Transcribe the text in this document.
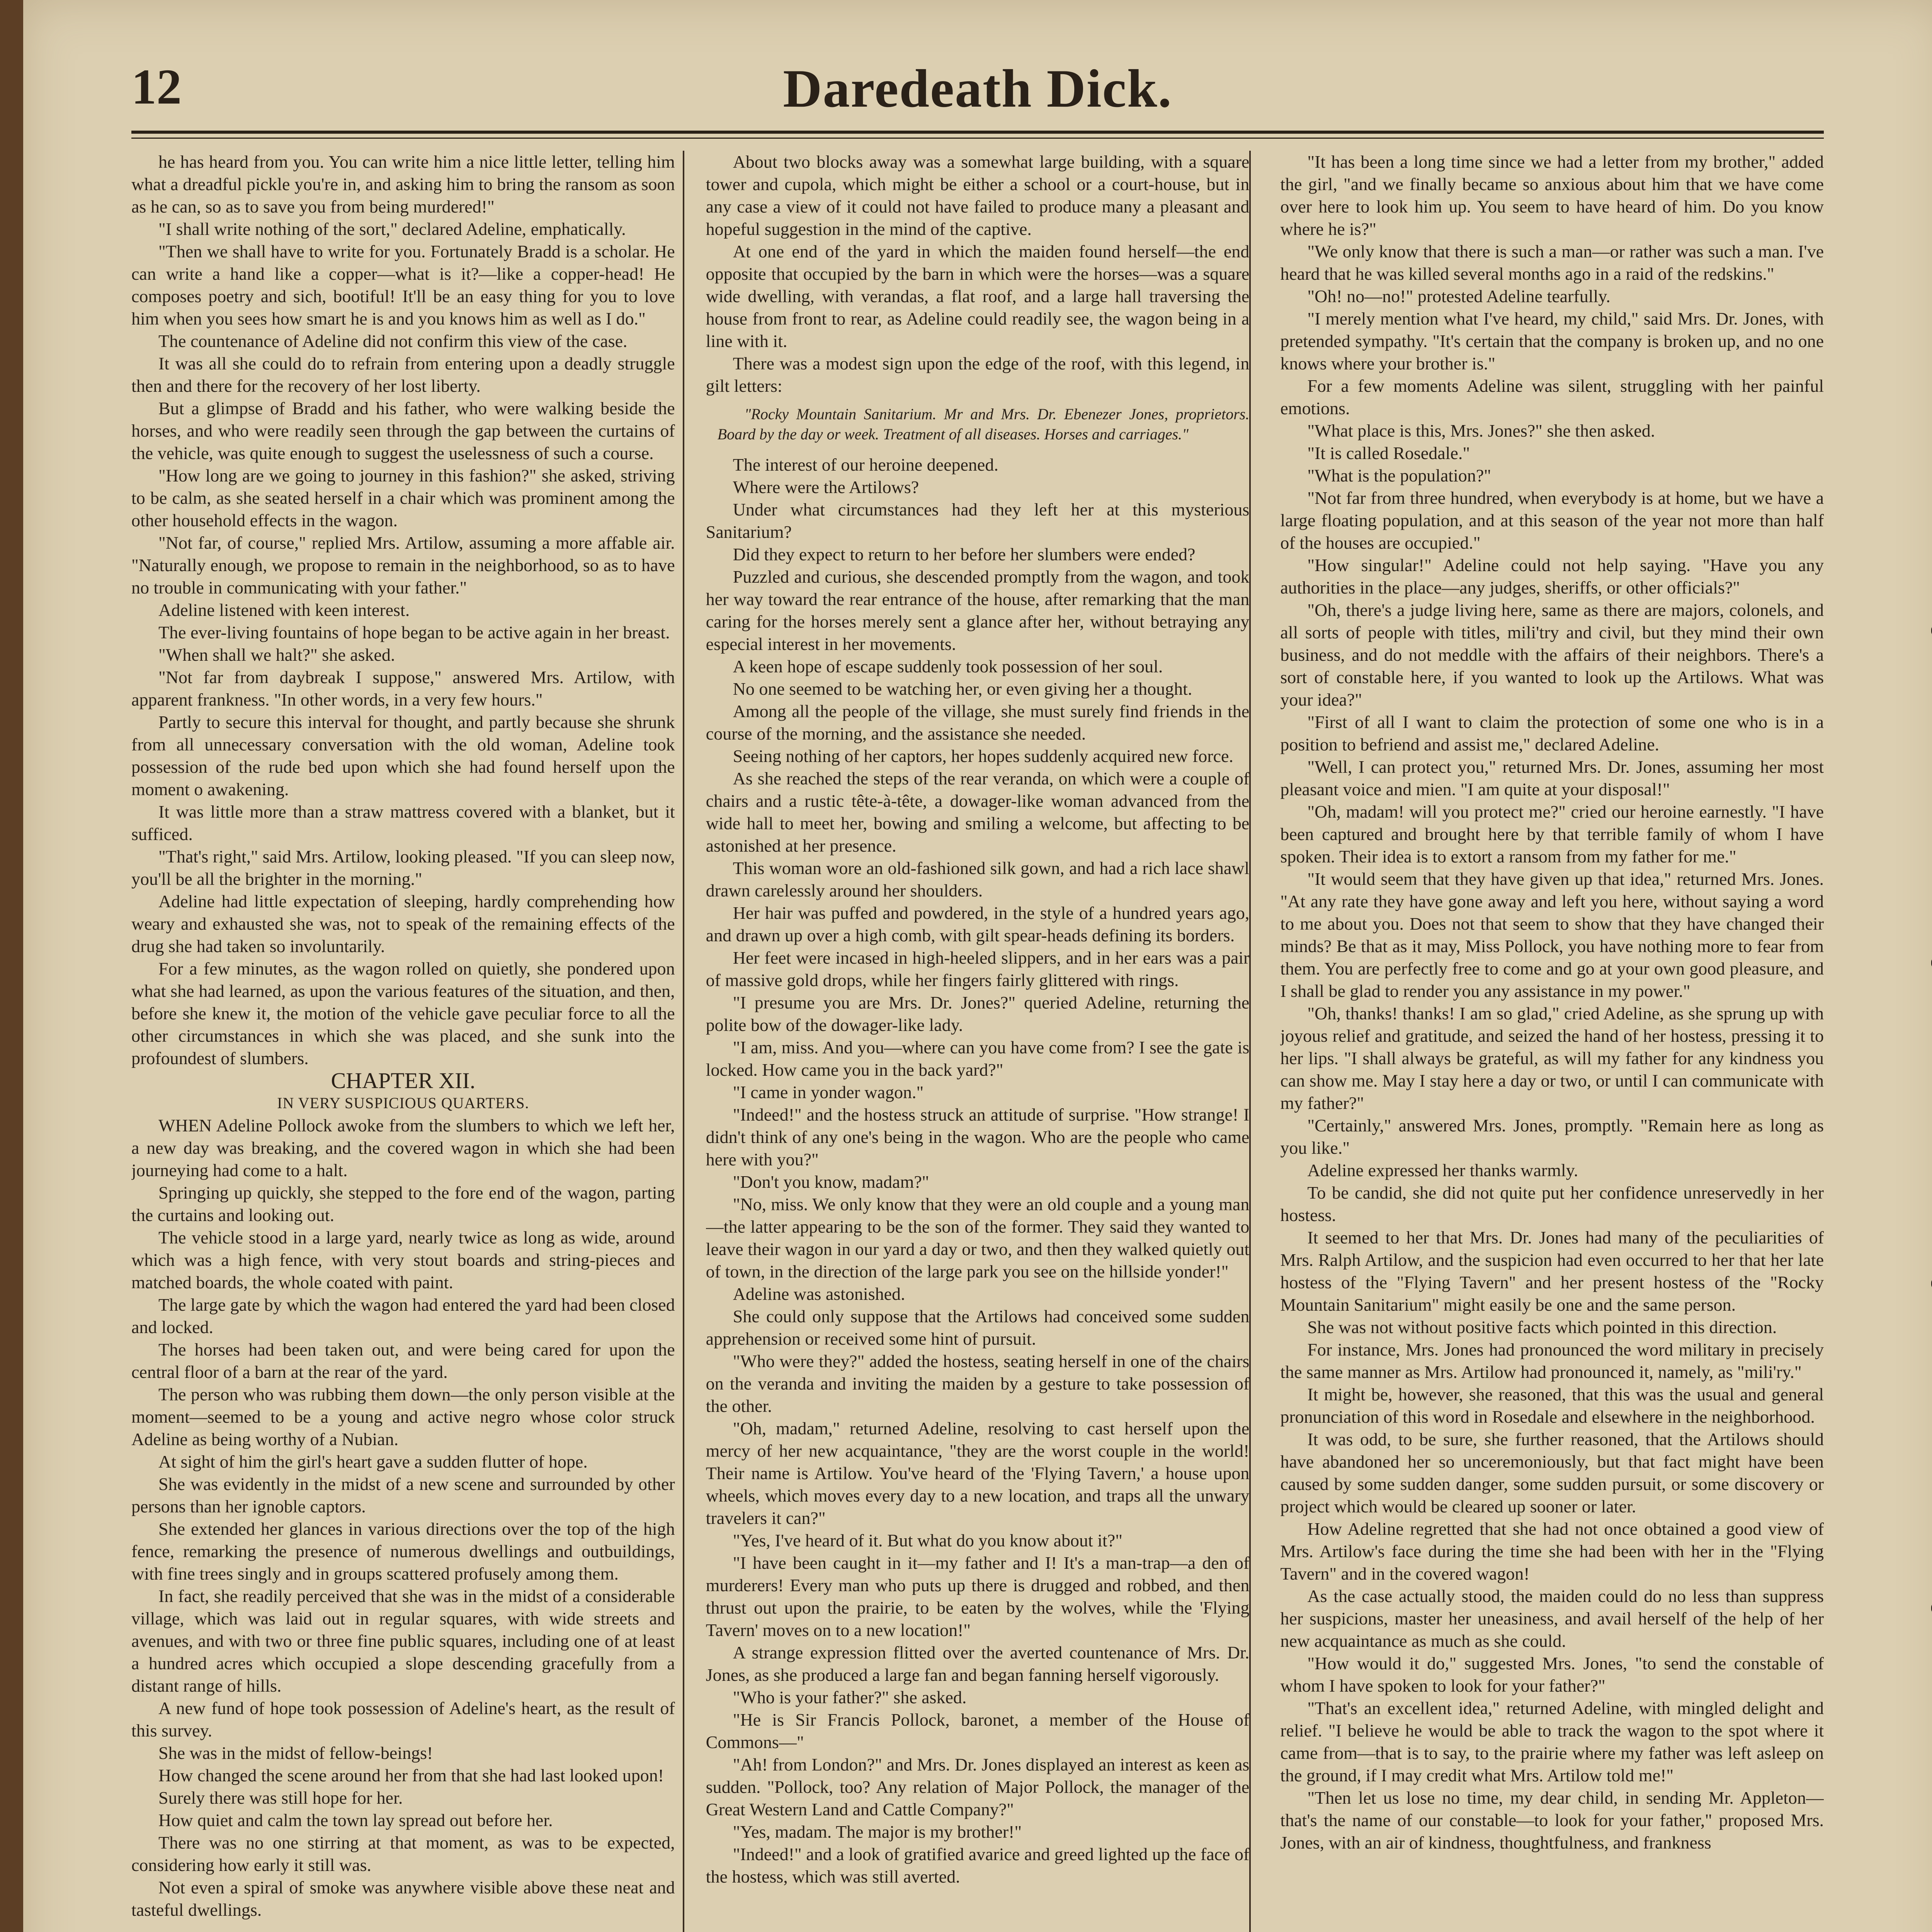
12	Daredeath Dick.

he has heard from you. You can write him a nice little letter, telling him what a dreadful pickle you're in, and asking him to bring the ransom as soon as he can, so as to save you from being murdered!"

"I shall write nothing of the sort," declared Adeline, emphatically.

"Then we shall have to write for you. Fortunately Bradd is a scholar. He can write a hand like a copper—what is it?—like a copper-head! He composes poetry and sich, bootiful! It'll be an easy thing for you to love him when you sees how smart he is and you knows him as well as I do."

The countenance of Adeline did not confirm this view of the case.

It was all she could do to refrain from entering upon a deadly struggle then and there for the recovery of her lost liberty.

But a glimpse of Bradd and his father, who were walking beside the horses, and who were readily seen through the gap between the curtains of the vehicle, was quite enough to suggest the uselessness of such a course.

"How long are we going to journey in this fashion?" she asked, striving to be calm, as she seated herself in a chair which was prominent among the other household effects in the wagon.

"Not far, of course," replied Mrs. Artilow, assuming a more affable air. "Naturally enough, we propose to remain in the neighborhood, so as to have no trouble in communicating with your father."

Adeline listened with keen interest.

The ever-living fountains of hope began to be active again in her breast.

"When shall we halt?" she asked.

"Not far from daybreak I suppose," answered Mrs. Artilow, with apparent frankness. "In other words, in a very few hours."

Partly to secure this interval for thought, and partly because she shrunk from all unnecessary conversation with the old woman, Adeline took possession of the rude bed upon which she had found herself upon the moment o awakening.

It was little more than a straw mattress covered with a blanket, but it sufficed.

"That's right," said Mrs. Artilow, looking pleased. "If you can sleep now, you'll be all the brighter in the morning."

Adeline had little expectation of sleeping, hardly comprehending how weary and exhausted she was, not to speak of the remaining effects of the drug she had taken so involuntarily.

For a few minutes, as the wagon rolled on quietly, she pondered upon what she had learned, as upon the various features of the situation, and then, before she knew it, the motion of the vehicle gave peculiar force to all the other circumstances in which she was placed, and she sunk into the profoundest of slumbers.

CHAPTER XII.

IN VERY SUSPICIOUS QUARTERS.

WHEN Adeline Pollock awoke from the slumbers to which we left her, a new day was breaking, and the covered wagon in which she had been journeying had come to a halt.

Springing up quickly, she stepped to the fore end of the wagon, parting the curtains and looking out.

The vehicle stood in a large yard, nearly twice as long as wide, around which was a high fence, with very stout boards and string-pieces and matched boards, the whole coated with paint.

The large gate by which the wagon had entered the yard had been closed and locked.

The horses had been taken out, and were being cared for upon the central floor of a barn at the rear of the yard.

The person who was rubbing them down—the only person visible at the moment—seemed to be a young and active negro whose color struck Adeline as being worthy of a Nubian.

At sight of him the girl's heart gave a sudden flutter of hope.

She was evidently in the midst of a new scene and surrounded by other persons than her ignoble captors.

She extended her glances in various directions over the top of the high fence, remarking the presence of numerous dwellings and outbuildings, with fine trees singly and in groups scattered profusely among them.

In fact, she readily perceived that she was in the midst of a considerable village, which was laid out in regular squares, with wide streets and avenues, and with two or three fine public squares, including one of at least a hundred acres which occupied a slope descending gracefully from a distant range of hills.

A new fund of hope took possession of Adeline's heart, as the result of this survey.

She was in the midst of fellow-beings!

How changed the scene around her from that she had last looked upon!

Surely there was still hope for her.

How quiet and calm the town lay spread out before her.

There was no one stirring at that moment, as was to be expected, considering how early it still was.

Not even a spiral of smoke was anywhere visible above these neat and tasteful dwellings.

About two blocks away was a somewhat large building, with a square tower and cupola, which might be either a school or a court-house, but in any case a view of it could not have failed to produce many a pleasant and hopeful suggestion in the mind of the captive.

At one end of the yard in which the maiden found herself—the end opposite that occupied by the barn in which were the horses—was a square wide dwelling, with verandas, a flat roof, and a large hall traversing the house from front to rear, as Adeline could readily see, the wagon being in a line with it.

There was a modest sign upon the edge of the roof, with this legend, in gilt letters:

"Rocky Mountain Sanitarium. Mr and Mrs. Dr. Ebenezer Jones, proprietors. Board by the day or week. Treatment of all diseases. Horses and carriages."

The interest of our heroine deepened.

Where were the Artilows?

Under what circumstances had they left her at this mysterious Sanitarium?

Did they expect to return to her before her slumbers were ended?

Puzzled and curious, she descended promptly from the wagon, and took her way toward the rear entrance of the house, after remarking that the man caring for the horses merely sent a glance after her, without betraying any especial interest in her movements.

A keen hope of escape suddenly took possession of her soul.

No one seemed to be watching her, or even giving her a thought.

Among all the people of the village, she must surely find friends in the course of the morning, and the assistance she needed.

Seeing nothing of her captors, her hopes suddenly acquired new force.

As she reached the steps of the rear veranda, on which were a couple of chairs and a rustic tête-à-tête, a dowager-like woman advanced from the wide hall to meet her, bowing and smiling a welcome, but affecting to be astonished at her presence.

This woman wore an old-fashioned silk gown, and had a rich lace shawl drawn carelessly around her shoulders.

Her hair was puffed and powdered, in the style of a hundred years ago, and drawn up over a high comb, with gilt spear-heads defining its borders.

Her feet were incased in high-heeled slippers, and in her ears was a pair of massive gold drops, while her fingers fairly glittered with rings.

"I presume you are Mrs. Dr. Jones?" queried Adeline, returning the polite bow of the dowager-like lady.

"I am, miss. And you—where can you have come from? I see the gate is locked. How came you in the back yard?"

"I came in yonder wagon."

"Indeed!" and the hostess struck an attitude of surprise. "How strange! I didn't think of any one's being in the wagon. Who are the people who came here with you?"

"Don't you know, madam?"

"No, miss. We only know that they were an old couple and a young man—the latter appearing to be the son of the former. They said they wanted to leave their wagon in our yard a day or two, and then they walked quietly out of town, in the direction of the large park you see on the hillside yonder!"

Adeline was astonished.

She could only suppose that the Artilows had conceived some sudden apprehension or received some hint of pursuit.

"Who were they?" added the hostess, seating herself in one of the chairs on the veranda and inviting the maiden by a gesture to take possession of the other.

"Oh, madam," returned Adeline, resolving to cast herself upon the mercy of her new acquaintance, "they are the worst couple in the world! Their name is Artilow. You've heard of the 'Flying Tavern,' a house upon wheels, which moves every day to a new location, and traps all the unwary travelers it can?"

"Yes, I've heard of it. But what do you know about it?"

"I have been caught in it—my father and I! It's a man-trap—a den of murderers! Every man who puts up there is drugged and robbed, and then thrust out upon the prairie, to be eaten by the wolves, while the 'Flying Tavern' moves on to a new location!"

A strange expression flitted over the averted countenance of Mrs. Dr. Jones, as she produced a large fan and began fanning herself vigorously.

"Who is your father?" she asked.

"He is Sir Francis Pollock, baronet, a member of the House of Commons—"

"Ah! from London?" and Mrs. Dr. Jones displayed an interest as keen as sudden. "Pollock, too? Any relation of Major Pollock, the manager of the Great Western Land and Cattle Company?"

"Yes, madam. The major is my brother!"

"Indeed!" and a look of gratified avarice and greed lighted up the face of the hostess, which was still averted.

"It has been a long time since we had a letter from my brother," added the girl, "and we finally became so anxious about him that we have come over here to look him up. You seem to have heard of him. Do you know where he is?"

"We only know that there is such a man—or rather was such a man. I've heard that he was killed several months ago in a raid of the redskins."

"Oh! no—no!" protested Adeline tearfully.

"I merely mention what I've heard, my child," said Mrs. Dr. Jones, with pretended sympathy. "It's certain that the company is broken up, and no one knows where your brother is."

For a few moments Adeline was silent, struggling with her painful emotions.

"What place is this, Mrs. Jones?" she then asked.

"It is called Rosedale."

"What is the population?"

"Not far from three hundred, when everybody is at home, but we have a large floating population, and at this season of the year not more than half of the houses are occupied."

"How singular!" Adeline could not help saying. "Have you any authorities in the place—any judges, sheriffs, or other officials?"

"Oh, there's a judge living here, same as there are majors, colonels, and all sorts of people with titles, mili'try and civil, but they mind their own business, and do not meddle with the affairs of their neighbors. There's a sort of constable here, if you wanted to look up the Artilows. What was your idea?"

"First of all I want to claim the protection of some one who is in a position to befriend and assist me," declared Adeline.

"Well, I can protect you," returned Mrs. Dr. Jones, assuming her most pleasant voice and mien. "I am quite at your disposal!"

"Oh, madam! will you protect me?" cried our heroine earnestly. "I have been captured and brought here by that terrible family of whom I have spoken. Their idea is to extort a ransom from my father for me."

"It would seem that they have given up that idea," returned Mrs. Jones. "At any rate they have gone away and left you here, without saying a word to me about you. Does not that seem to show that they have changed their minds? Be that as it may, Miss Pollock, you have nothing more to fear from them. You are perfectly free to come and go at your own good pleasure, and I shall be glad to render you any assistance in my power."

"Oh, thanks! thanks! I am so glad," cried Adeline, as she sprung up with joyous relief and gratitude, and seized the hand of her hostess, pressing it to her lips. "I shall always be grateful, as will my father for any kindness you can show me. May I stay here a day or two, or until I can communicate with my father?"

"Certainly," answered Mrs. Jones, promptly. "Remain here as long as you like."

Adeline expressed her thanks warmly.

To be candid, she did not quite put her confidence unreservedly in her hostess.

It seemed to her that Mrs. Dr. Jones had many of the peculiarities of Mrs. Ralph Artilow, and the suspicion had even occurred to her that her late hostess of the "Flying Tavern" and her present hostess of the "Rocky Mountain Sanitarium" might easily be one and the same person.

She was not without positive facts which pointed in this direction.

For instance, Mrs. Jones had pronounced the word military in precisely the same manner as Mrs. Artilow had pronounced it, namely, as "mili'ry."

It might be, however, she reasoned, that this was the usual and general pronunciation of this word in Rosedale and elsewhere in the neighborhood.

It was odd, to be sure, she further reasoned, that the Artilows should have abandoned her so unceremoniously, but that fact might have been caused by some sudden danger, some sudden pursuit, or some discovery or project which would be cleared up sooner or later.

How Adeline regretted that she had not once obtained a good view of Mrs. Artilow's face during the time she had been with her in the "Flying Tavern" and in the covered wagon!

As the case actually stood, the maiden could do no less than suppress her suspicions, master her uneasiness, and avail herself of the help of her new acquaintance as much as she could.

"How would it do," suggested Mrs. Jones, "to send the constable of whom I have spoken to look for your father?"

"That's an excellent idea," returned Adeline, with mingled delight and relief. "I believe he would be able to track the wagon to the spot where it came from—that is to say, to the prairie where my father was left asleep on the ground, if I may credit what Mrs. Artilow told me!"

"Then let us lose no time, my dear child, in sending Mr. Appleton—that's the name of our constable—to look for your father," proposed Mrs. Jones, with an air of kindness, thoughtfulness, and frankness
